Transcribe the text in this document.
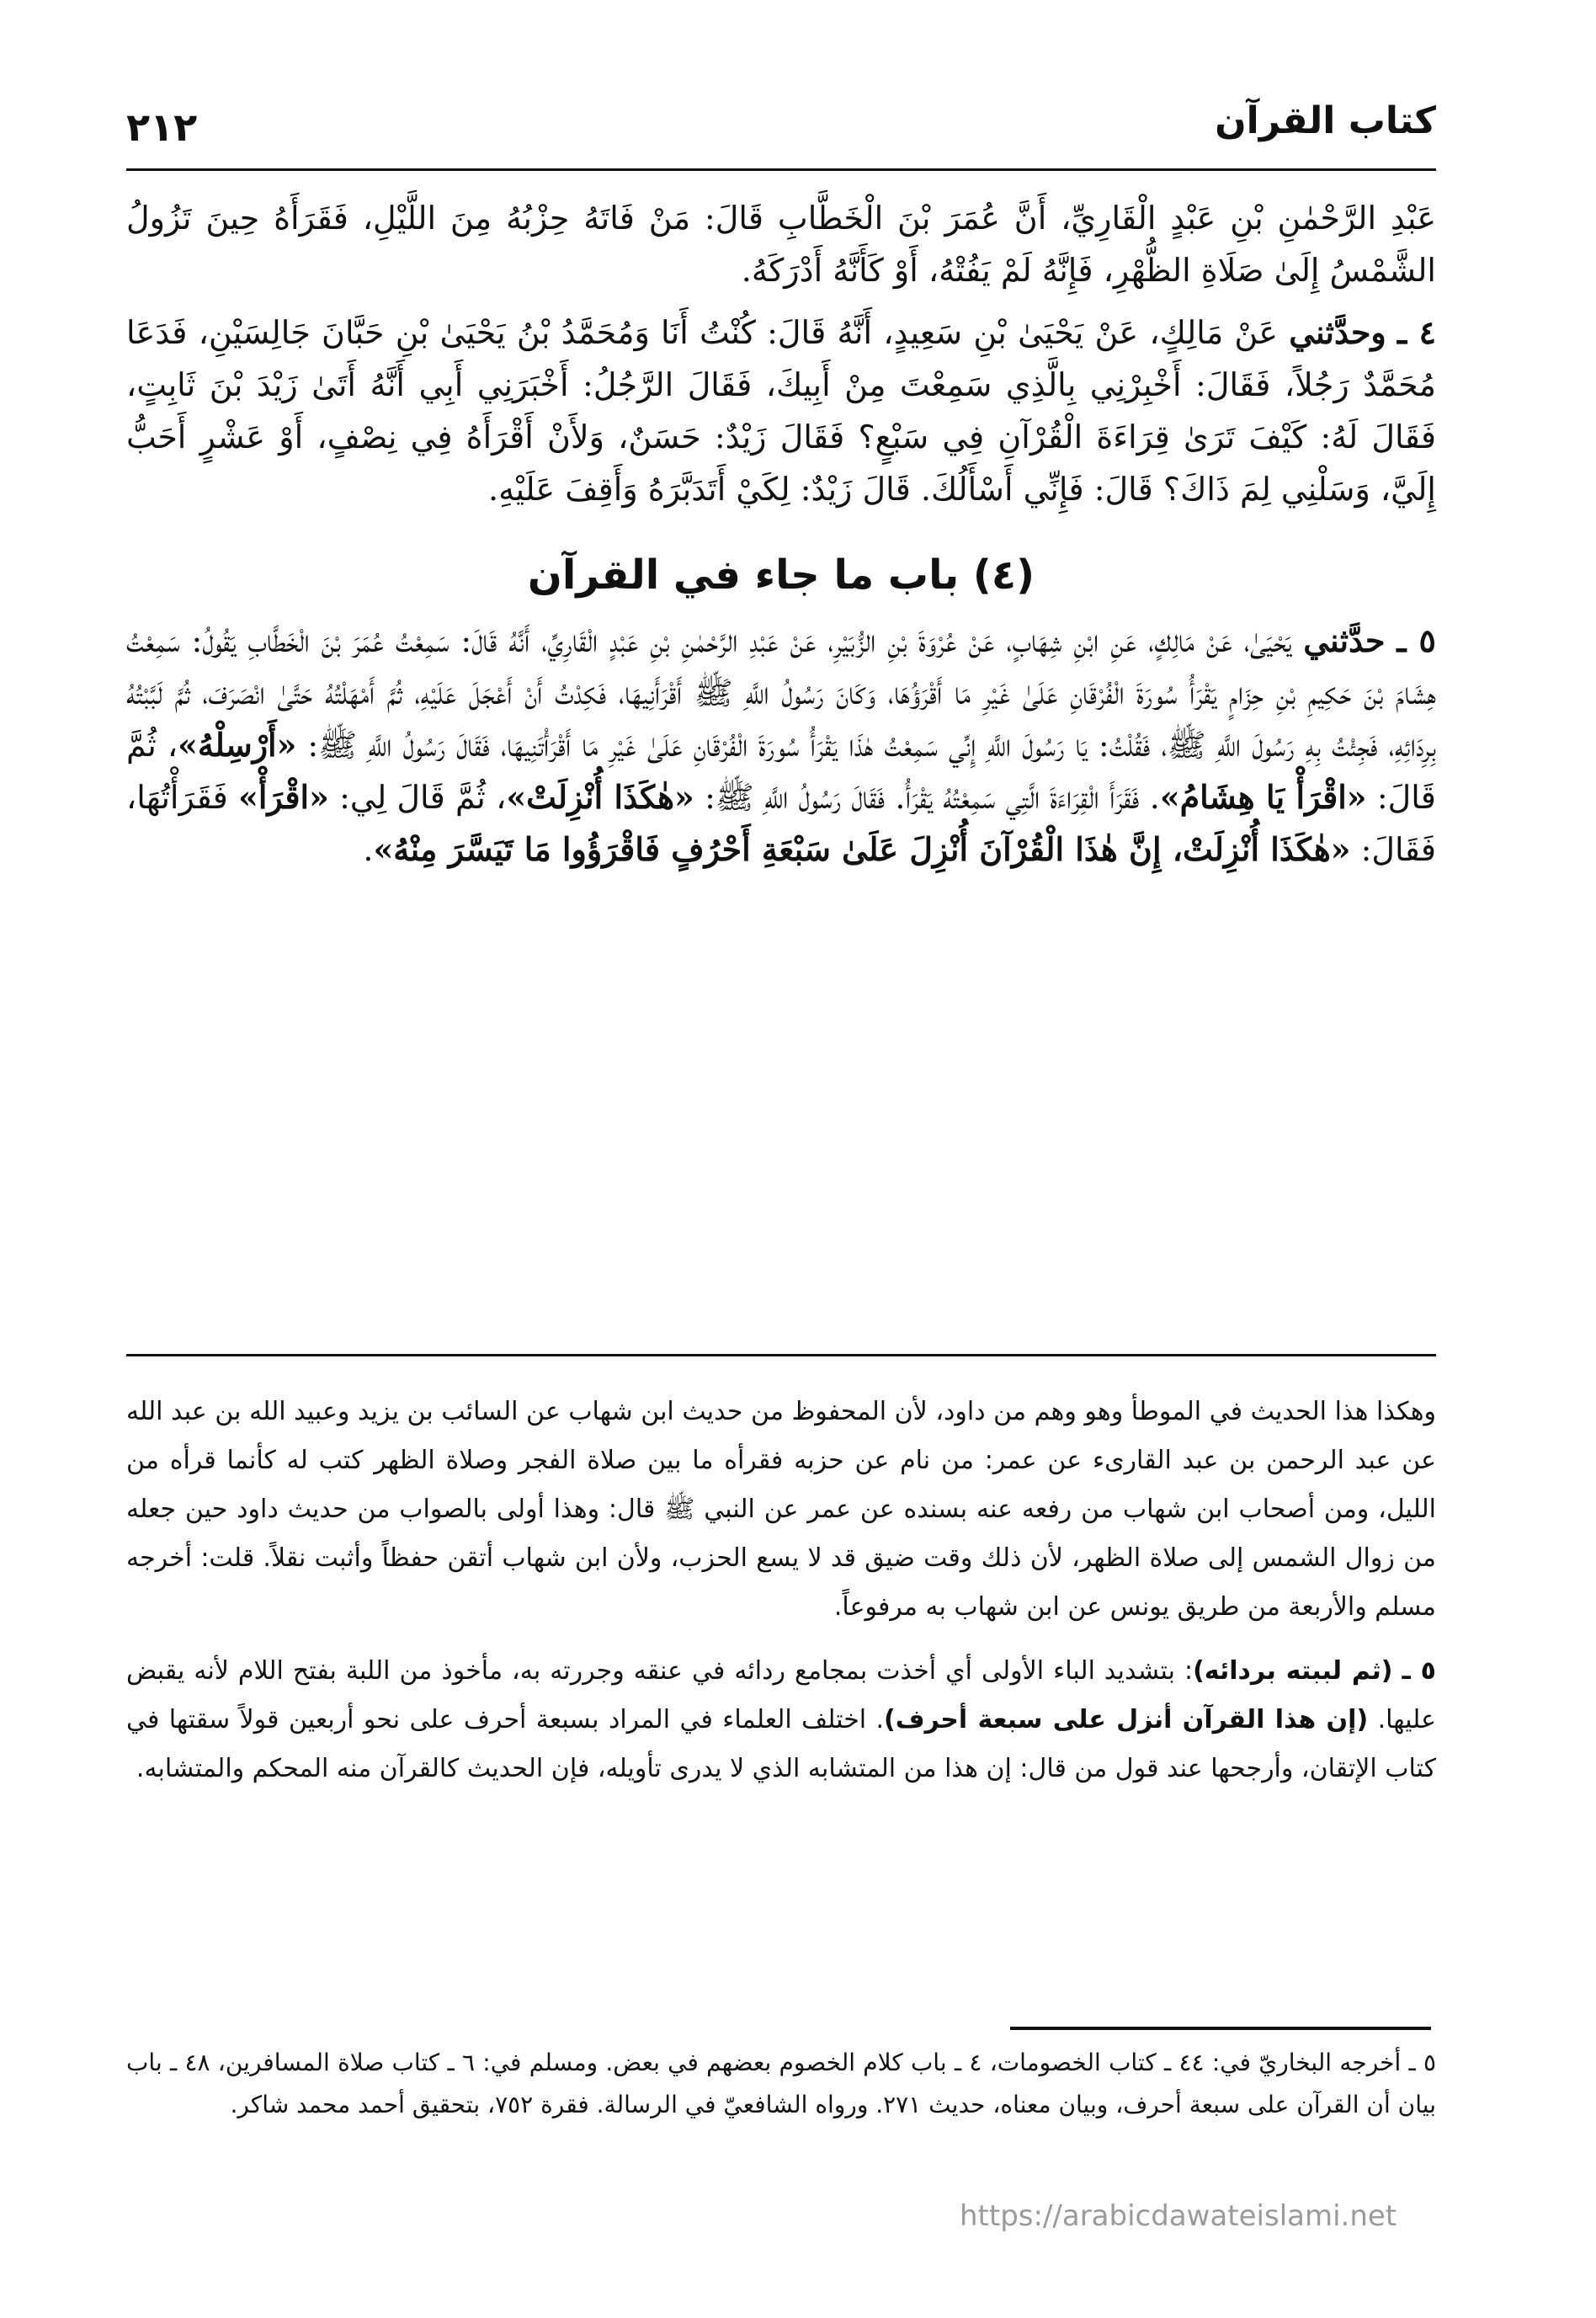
كتاب القرآن
٢١٢

عَبْدِ الرَّحْمٰنِ بْنِ عَبْدٍ الْقَارِيِّ، أَنَّ عُمَرَ بْنَ الْخَطَّابِ قَالَ: مَنْ فَاتَهُ حِزْبُهُ مِنَ اللَّيْلِ، فَقَرَأَهُ حِينَ تَزُولُ الشَّمْسُ إِلَىٰ صَلَاةِ الظُّهْرِ، فَإِنَّهُ لَمْ يَفُتْهُ، أَوْ كَأَنَّهُ أَدْرَكَهُ.

٤ ـ وحدَّثني عَنْ مَالِكٍ، عَنْ يَحْيَىٰ بْنِ سَعِيدٍ، أَنَّهُ قَالَ: كُنْتُ أَنَا وَمُحَمَّدُ بْنُ يَحْيَىٰ بْنِ حَبَّانَ جَالِسَيْنِ، فَدَعَا مُحَمَّدٌ رَجُلاً، فَقَالَ: أَخْبِرْنِي بِالَّذِي سَمِعْتَ مِنْ أَبِيكَ، فَقَالَ الرَّجُلُ: أَخْبَرَنِي أَبِي أَنَّهُ أَتَىٰ زَيْدَ بْنَ ثَابِتٍ، فَقَالَ لَهُ: كَيْفَ تَرَىٰ قِرَاءَةَ الْقُرْآنِ فِي سَبْعٍ؟ فَقَالَ زَيْدٌ: حَسَنٌ، وَلأَنْ أَقْرَأَهُ فِي نِصْفٍ، أَوْ عَشْرٍ أَحَبُّ إِلَيَّ، وَسَلْنِي لِمَ ذَاكَ؟ قَالَ: فَإِنِّي أَسْأَلُكَ. قَالَ زَيْدٌ: لِكَيْ أَتَدَبَّرَهُ وَأَقِفَ عَلَيْهِ.

(٤) باب ما جاء في القرآن

٥ ـ حدَّثني يَحْيَىٰ، عَنْ مَالِكٍ، عَنِ ابْنِ شِهَابٍ، عَنْ عُرْوَةَ بْنِ الزُّبَيْرِ، عَنْ عَبْدِ الرَّحْمٰنِ بْنِ عَبْدٍ الْقَارِيِّ، أَنَّهُ قَالَ: سَمِعْتُ عُمَرَ بْنَ الْخَطَّابِ يَقُولُ: سَمِعْتُ هِشَامَ بْنَ حَكِيمِ بْنِ حِزَامٍ يَقْرَأُ سُورَةَ الْفُرْقَانِ عَلَىٰ غَيْرِ مَا أَقْرَؤُهَا، وَكَانَ رَسُولُ اللَّهِ ﷺ أَقْرَأَنِيهَا، فَكِدْتُ أَنْ أَعْجَلَ عَلَيْهِ، ثُمَّ أَمْهَلْتُهُ حَتَّىٰ انْصَرَفَ، ثُمَّ لَبَّبْتُهُ بِرِدَائِهِ، فَجِئْتُ بِهِ رَسُولَ اللَّهِ ﷺ، فَقُلْتُ: يَا رَسُولَ اللَّهِ إِنِّي سَمِعْتُ هٰذَا يَقْرَأُ سُورَةَ الْفُرْقَانِ عَلَىٰ غَيْرِ مَا أَقْرَأْتَنِيهَا، فَقَالَ رَسُولُ اللَّهِ ﷺ: «أَرْسِلْهُ»، ثُمَّ قَالَ: «اقْرَأْ يَا هِشَامُ». فَقَرَأَ الْقِرَاءَةَ الَّتِي سَمِعْتُهُ يَقْرَأُ. فَقَالَ رَسُولُ اللَّهِ ﷺ: «هٰكَذَا أُنْزِلَتْ»، ثُمَّ قَالَ لِي: «اقْرَأْ» فَقَرَأْتُهَا، فَقَالَ: «هٰكَذَا أُنْزِلَتْ، إِنَّ هٰذَا الْقُرْآنَ أُنْزِلَ عَلَىٰ سَبْعَةِ أَحْرُفٍ فَاقْرَؤُوا مَا تَيَسَّرَ مِنْهُ».

وهكذا هذا الحديث في الموطأ وهو وهم من داود، لأن المحفوظ من حديث ابن شهاب عن السائب بن يزيد وعبيد الله بن عبد الله عن عبد الرحمن بن عبد القارىء عن عمر: من نام عن حزبه فقرأه ما بين صلاة الفجر وصلاة الظهر كتب له كأنما قرأه من الليل، ومن أصحاب ابن شهاب من رفعه عنه بسنده عن عمر عن النبي ﷺ قال: وهذا أولى بالصواب من حديث داود حين جعله من زوال الشمس إلى صلاة الظهر، لأن ذلك وقت ضيق قد لا يسع الحزب، ولأن ابن شهاب أتقن حفظاً وأثبت نقلاً. قلت: أخرجه مسلم والأربعة من طريق يونس عن ابن شهاب به مرفوعاً.

٥ ـ (ثم لببته بردائه): بتشديد الباء الأولى أي أخذت بمجامع ردائه في عنقه وجررته به، مأخوذ من اللبة بفتح اللام لأنه يقبض عليها. (إن هذا القرآن أنزل على سبعة أحرف). اختلف العلماء في المراد بسبعة أحرف على نحو أربعين قولاً سقتها في كتاب الإتقان، وأرجحها عند قول من قال: إن هذا من المتشابه الذي لا يدرى تأويله، فإن الحديث كالقرآن منه المحكم والمتشابه.

٥ ـ أخرجه البخاريّ في: ٤٤ ـ كتاب الخصومات، ٤ ـ باب كلام الخصوم بعضهم في بعض. ومسلم في: ٦ ـ كتاب صلاة المسافرين، ٤٨ ـ باب بيان أن القرآن على سبعة أحرف، وبيان معناه، حديث ٢٧١. ورواه الشافعيّ في الرسالة. فقرة ٧٥٢، بتحقيق أحمد محمد شاكر.
https://arabicdawateislami.net
